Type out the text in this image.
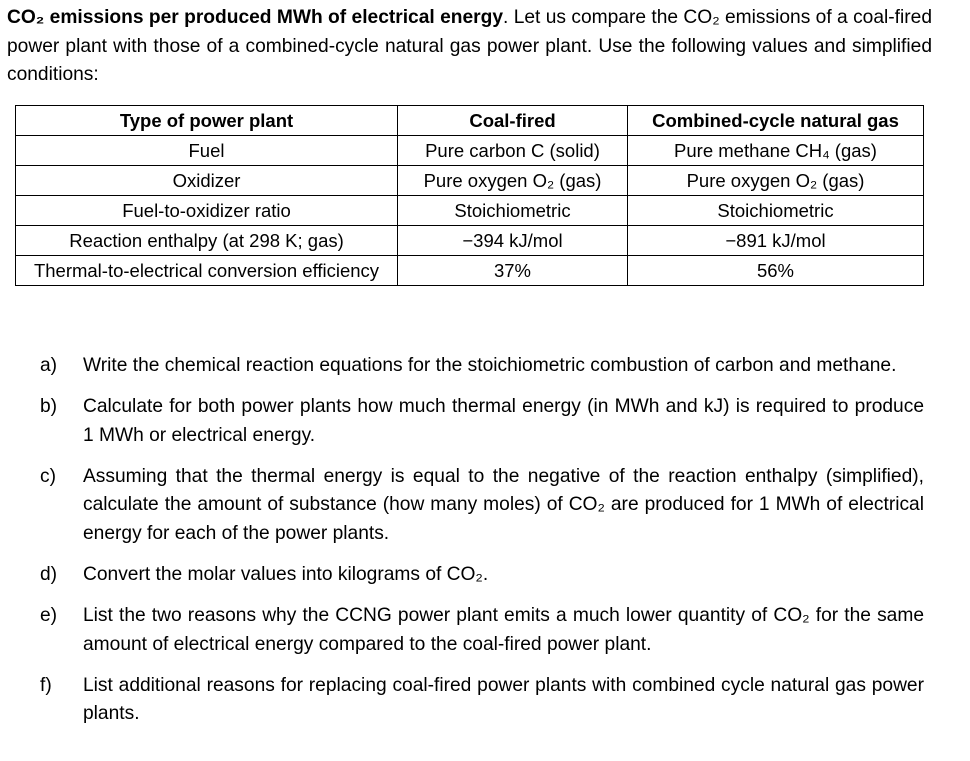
CO₂ emissions per produced MWh of electrical energy. Let us compare the CO₂ emissions of a coal-fired power plant with those of a combined-cycle natural gas power plant. Use the following values and simplified conditions:
Type of power plant	Coal-fired	Combined-cycle natural gas
Fuel	Pure carbon C (solid)	Pure methane CH₄ (gas)
Oxidizer	Pure oxygen O₂ (gas)	Pure oxygen O₂ (gas)
Fuel-to-oxidizer ratio	Stoichiometric	Stoichiometric
Reaction enthalpy (at 298 K; gas)	−394 kJ/mol	−891 kJ/mol
Thermal-to-electrical conversion efficiency	37%	56%
a) Write the chemical reaction equations for the stoichiometric combustion of carbon and methane.
b) Calculate for both power plants how much thermal energy (in MWh and kJ) is required to produce 1 MWh or electrical energy.
c) Assuming that the thermal energy is equal to the negative of the reaction enthalpy (simplified), calculate the amount of substance (how many moles) of CO₂ are produced for 1 MWh of electrical energy for each of the power plants.
d) Convert the molar values into kilograms of CO₂.
e) List the two reasons why the CCNG power plant emits a much lower quantity of CO₂ for the same amount of electrical energy compared to the coal-fired power plant.
f) List additional reasons for replacing coal-fired power plants with combined cycle natural gas power plants.
